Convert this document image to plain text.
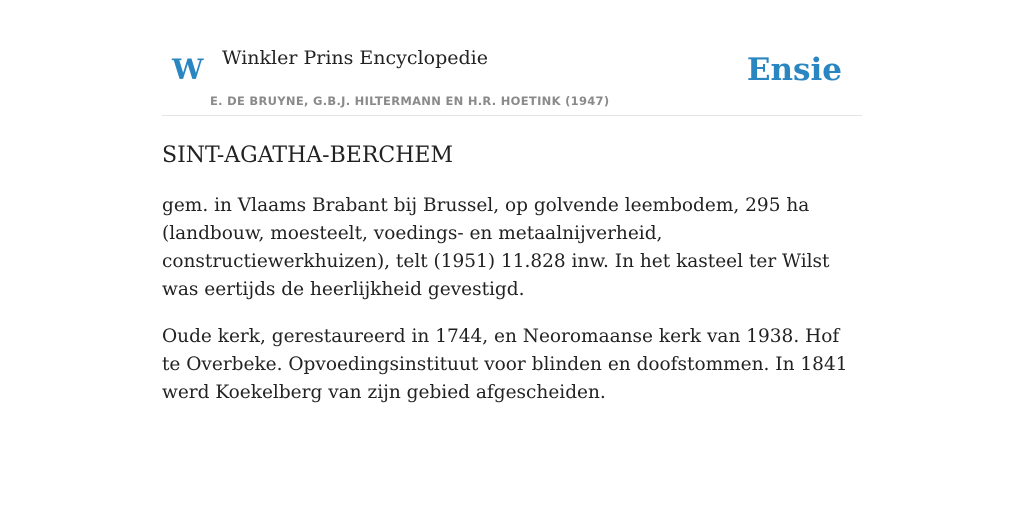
W Winkler Prins Encyclopedie
E. DE BRUYNE, G.B.J. HILTERMANN EN H.R. HOETINK (1947)
Ensie
SINT-AGATHA-BERCHEM

gem. in Vlaams Brabant bij Brussel, op golvende leembodem, 295 ha (landbouw, moesteelt, voedings- en metaalnijverheid, constructiewerkhuizen), telt (1951) 11.828 inw. In het kasteel ter Wilst was eertijds de heerlijkheid gevestigd.

Oude kerk, gerestaureerd in 1744, en Neoromaanse kerk van 1938. Hof te Overbeke. Opvoedingsinstituut voor blinden en doofstommen. In 1841 werd Koekelberg van zijn gebied afgescheiden.
